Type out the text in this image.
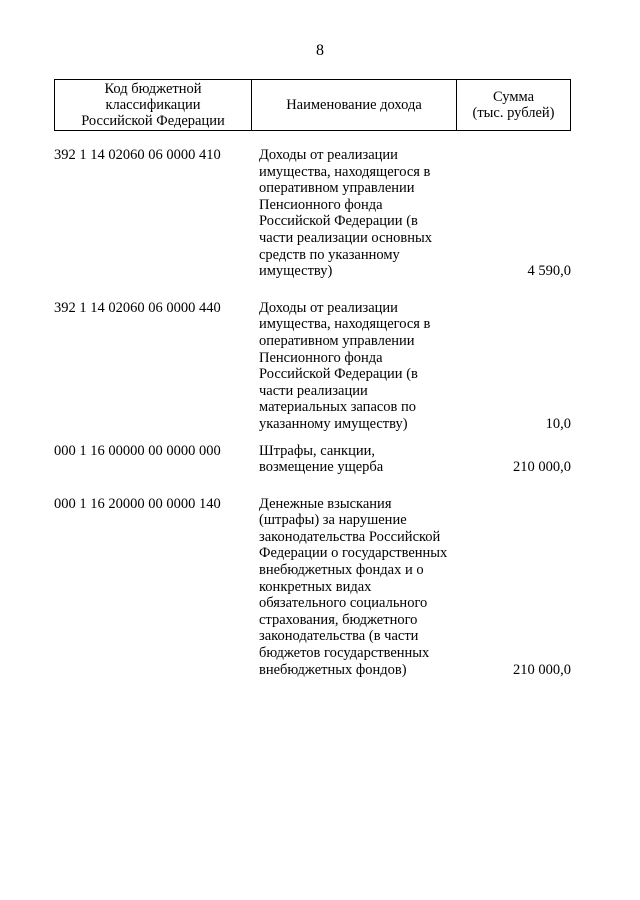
8
Код бюджетной
классификации
Российской Федерации
Наименование дохода	Сумма
(тыс. рублей)
392 1 14 02060 06 0000 410	Доходы от реализации
имущества, находящегося в
оперативном управлении
Пенсионного фонда
Российской Федерации (в
части реализации основных
средств по указанному
имуществу)	4 590,0
392 1 14 02060 06 0000 440	Доходы от реализации
имущества, находящегося в
оперативном управлении
Пенсионного фонда
Российской Федерации (в
части реализации
материальных запасов по
указанному имуществу)	10,0
000 1 16 00000 00 0000 000	Штрафы, санкции,
возмещение ущерба	210 000,0
000 1 16 20000 00 0000 140	Денежные взыскания
(штрафы) за нарушение
законодательства Российской
Федерации о государственных
внебюджетных фондах и о
конкретных видах
обязательного социального
страхования, бюджетного
законодательства (в части
бюджетов государственных
внебюджетных фондов)	210 000,0
